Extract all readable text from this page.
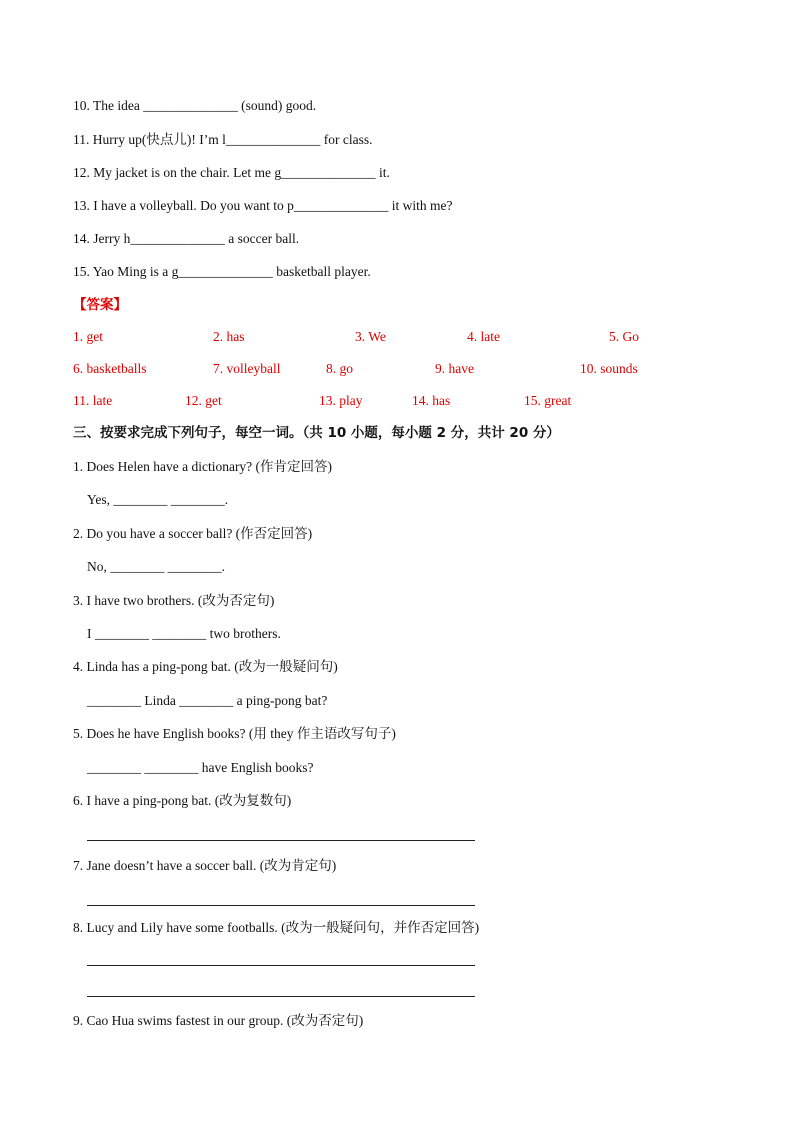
10. The idea ______________ (sound) good.
11. Hurry up(快点儿)! I’m l______________ for class.
12. My jacket is on the chair. Let me g______________ it.
13. I have a volleyball. Do you want to p______________ it with me?
14. Jerry h______________ a soccer ball.
15. Yao Ming is a g______________ basketball player.
【答案】
1. get	2. has	3. We	4. late	5. Go
6. basketballs	7. volleyball	8. go	9. have	10. sounds
11. late	12. get	13. play	14. has	15. great
三、按要求完成下列句子，每空一词。（共 10 小题，每小题 2 分，共计 20 分）
1. Does Helen have a dictionary? (作肯定回答)
Yes, ________ ________.
2. Do you have a soccer ball? (作否定回答)
No, ________ ________.
3. I have two brothers. (改为否定句)
I ________ ________ two brothers.
4. Linda has a ping-pong bat. (改为一般疑问句)
________ Linda ________ a ping-pong bat?
5. Does he have English books? (用 they 作主语改写句子)
________ ________ have English books?
6. I have a ping-pong bat. (改为复数句)
7. Jane doesn’t have a soccer ball. (改为肯定句)
8. Lucy and Lily have some footballs. (改为一般疑问句，并作否定回答)
9. Cao Hua swims fastest in our group. (改为否定句)
